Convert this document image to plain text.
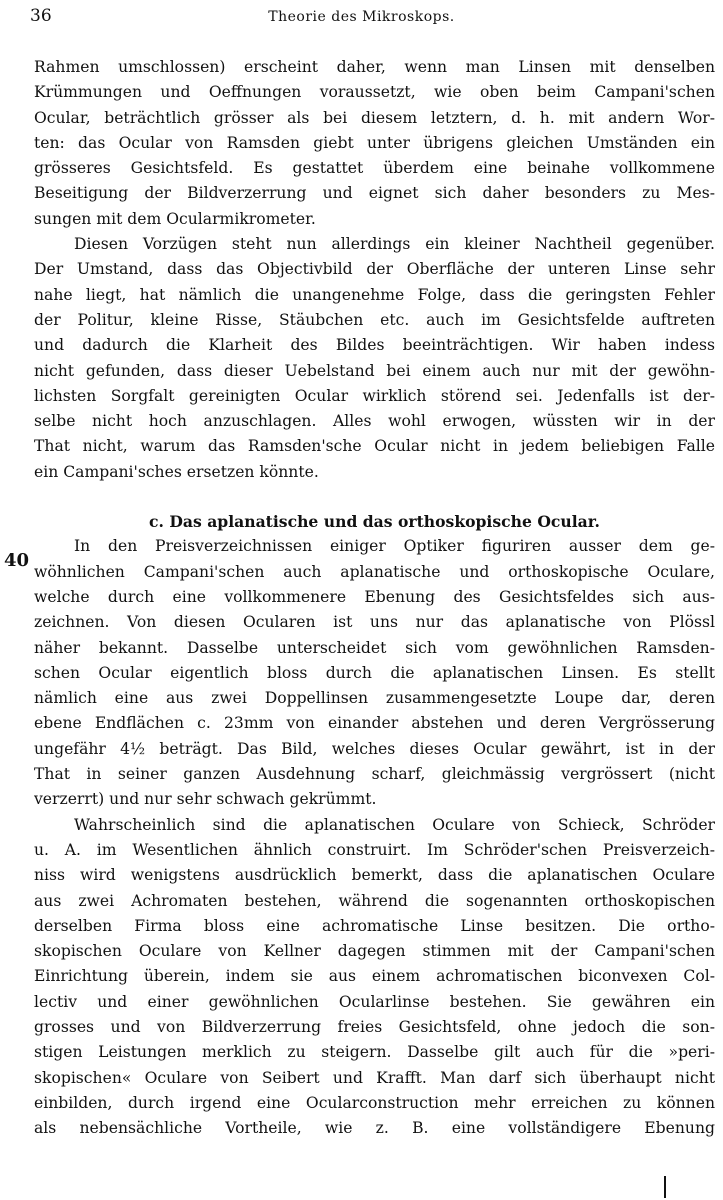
36	Theorie des Mikroskops.
40
Rahmen umschlossen) erscheint daher, wenn man Linsen mit denselben
Krümmungen und Oeffnungen voraussetzt, wie oben beim Campani'schen
Ocular, beträchtlich grösser als bei diesem letztern, d. h. mit andern Wor-
ten: das Ocular von Ramsden giebt unter übrigens gleichen Umständen ein
grösseres Gesichtsfeld. Es gestattet überdem eine beinahe vollkommene
Beseitigung der Bildverzerrung und eignet sich daher besonders zu Mes-
sungen mit dem Ocularmikrometer.
Diesen Vorzügen steht nun allerdings ein kleiner Nachtheil gegenüber.
Der Umstand, dass das Objectivbild der Oberfläche der unteren Linse sehr
nahe liegt, hat nämlich die unangenehme Folge, dass die geringsten Fehler
der Politur, kleine Risse, Stäubchen etc. auch im Gesichtsfelde auftreten
und dadurch die Klarheit des Bildes beeinträchtigen. Wir haben indess
nicht gefunden, dass dieser Uebelstand bei einem auch nur mit der gewöhn-
lichsten Sorgfalt gereinigten Ocular wirklich störend sei. Jedenfalls ist der-
selbe nicht hoch anzuschlagen. Alles wohl erwogen, wüssten wir in der
That nicht, warum das Ramsden'sche Ocular nicht in jedem beliebigen Falle
ein Campani'sches ersetzen könnte.
c. Das aplanatische und das orthoskopische Ocular.
In den Preisverzeichnissen einiger Optiker figuriren ausser dem ge-
wöhnlichen Campani'schen auch aplanatische und orthoskopische Oculare,
welche durch eine vollkommenere Ebenung des Gesichtsfeldes sich aus-
zeichnen. Von diesen Ocularen ist uns nur das aplanatische von Plössl
näher bekannt. Dasselbe unterscheidet sich vom gewöhnlichen Ramsden-
schen Ocular eigentlich bloss durch die aplanatischen Linsen. Es stellt
nämlich eine aus zwei Doppellinsen zusammengesetzte Loupe dar, deren
ebene Endflächen c. 23mm von einander abstehen und deren Vergrösserung
ungefähr 4½ beträgt. Das Bild, welches dieses Ocular gewährt, ist in der
That in seiner ganzen Ausdehnung scharf, gleichmässig vergrössert (nicht
verzerrt) und nur sehr schwach gekrümmt.
Wahrscheinlich sind die aplanatischen Oculare von Schieck, Schröder
u. A. im Wesentlichen ähnlich construirt. Im Schröder'schen Preisverzeich-
niss wird wenigstens ausdrücklich bemerkt, dass die aplanatischen Oculare
aus zwei Achromaten bestehen, während die sogenannten orthoskopischen
derselben Firma bloss eine achromatische Linse besitzen. Die ortho-
skopischen Oculare von Kellner dagegen stimmen mit der Campani'schen
Einrichtung überein, indem sie aus einem achromatischen biconvexen Col-
lectiv und einer gewöhnlichen Ocularlinse bestehen. Sie gewähren ein
grosses und von Bildverzerrung freies Gesichtsfeld, ohne jedoch die son-
stigen Leistungen merklich zu steigern. Dasselbe gilt auch für die »peri-
skopischen« Oculare von Seibert und Krafft. Man darf sich überhaupt nicht
einbilden, durch irgend eine Ocularconstruction mehr erreichen zu können
als nebensächliche Vortheile, wie z. B. eine vollständigere Ebenung
